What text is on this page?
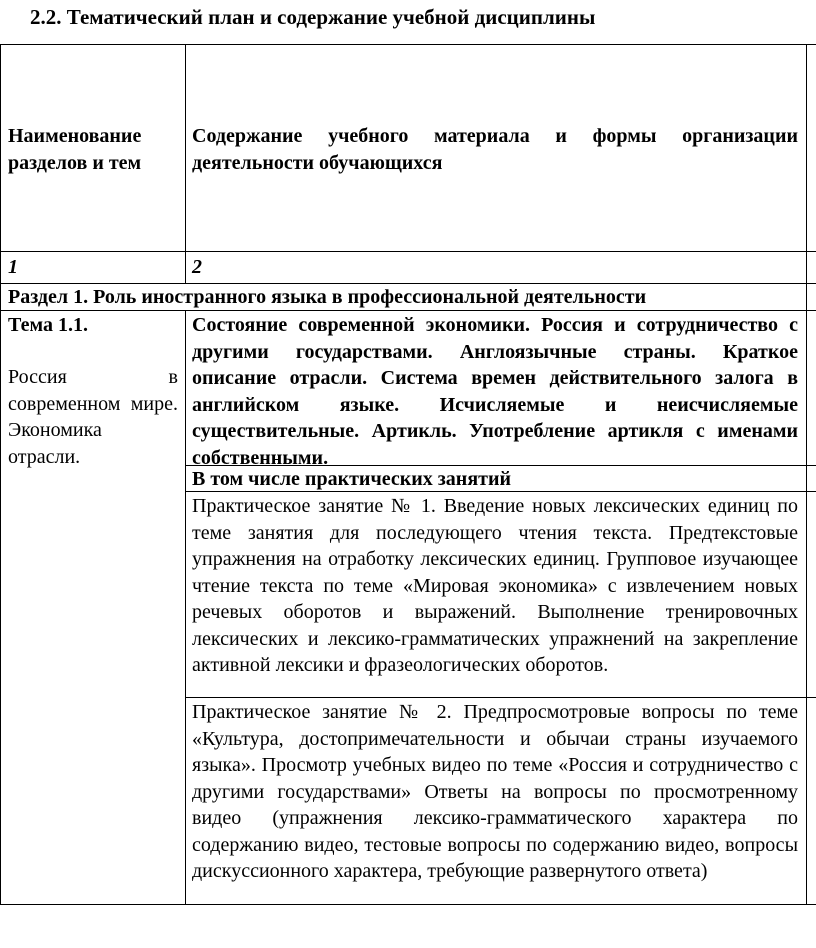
2.2. Тематический план и содержание учебной дисциплины
Наименование разделов и тем
Содержание учебного материала и формы организации деятельности обучающихся
1	2
Раздел 1. Роль иностранного языка в профессиональной деятельности
Тема 1.1.
Россия в современном мире. Экономика отрасли.
Состояние современной экономики. Россия и сотрудничество с другими государствами. Англоязычные страны. Краткое описание отрасли. Система времен действительного залога в английском языке. Исчисляемые и неисчисляемые существительные. Артикль. Употребление артикля с именами собственными.
В том числе практических занятий
Практическое занятие № 1. Введение новых лексических единиц по теме занятия для последующего чтения текста. Предтекстовые упражнения на отработку лексических единиц. Групповое изучающее чтение текста по теме «Мировая экономика» с извлечением новых речевых оборотов и выражений. Выполнение тренировочных лексических и лексико-грамматических упражнений на закрепление активной лексики и фразеологических оборотов.
Практическое занятие № 2. Предпросмотровые вопросы по теме «Культура, достопримечательности и обычаи страны изучаемого языка». Просмотр учебных видео по теме «Россия и сотрудничество с другими государствами» Ответы на вопросы по просмотренному видео (упражнения лексико-грамматического характера по содержанию видео, тестовые вопросы по содержанию видео, вопросы дискуссионного характера, требующие развернутого ответа)
